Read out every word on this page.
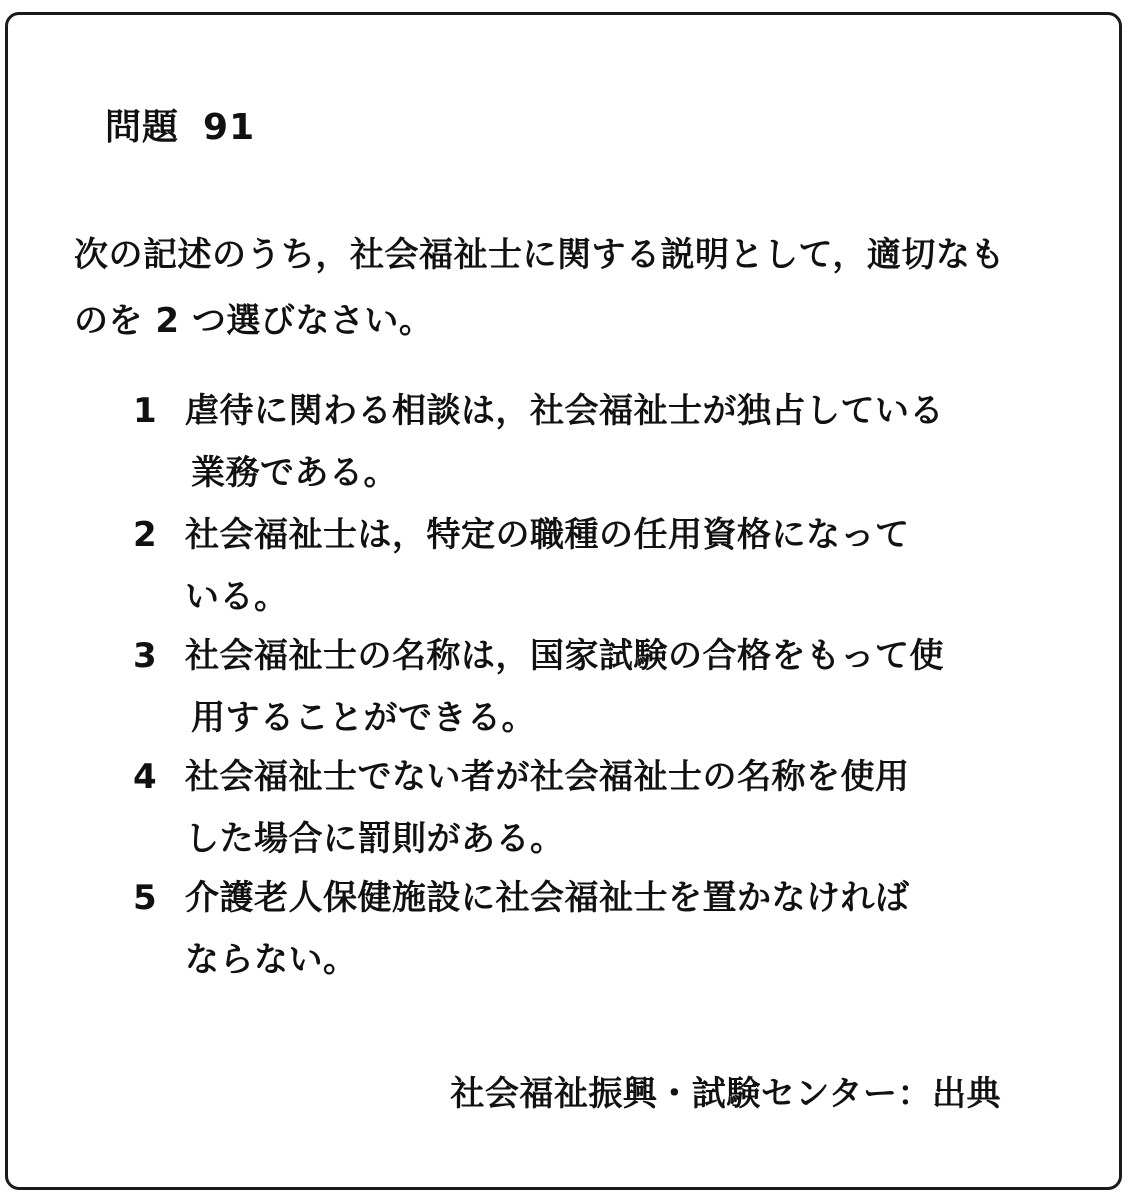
問題 91
次の記述のうち，社会福祉士に関する説明として，適切なも
のを 2 つ選びなさい。
1 虐待に関わる相談は，社会福祉士が独占している
業務である。
2 社会福祉士は，特定の職種の任用資格になって
いる。
3 社会福祉士の名称は，国家試験の合格をもって使
用することができる。
4 社会福祉士でない者が社会福祉士の名称を使用
した場合に罰則がある。
5 介護老人保健施設に社会福祉士を置かなければ
ならない。
社会福祉振興・試験センター：出典
